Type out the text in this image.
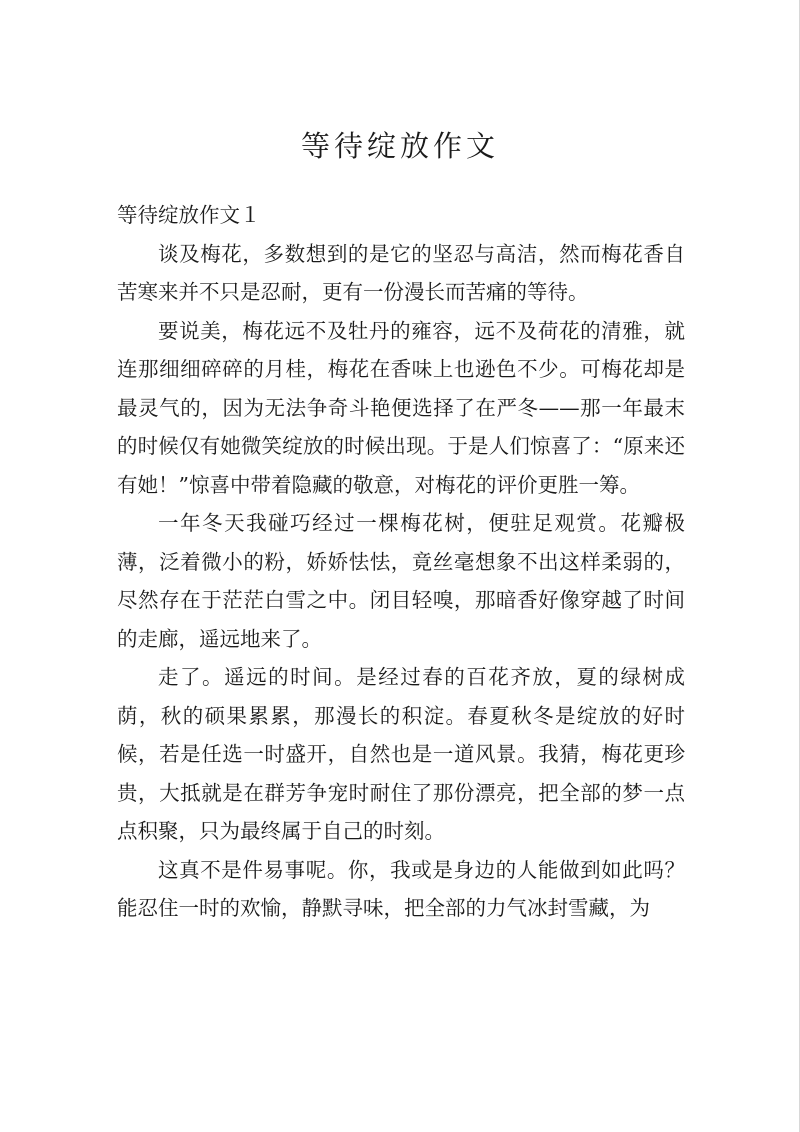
等待绽放作文

等待绽放作文１

谈及梅花，多数想到的是它的坚忍与高洁，然而梅花香自苦寒来并不只是忍耐，更有一份漫长而苦痛的等待。

要说美，梅花远不及牡丹的雍容，远不及荷花的清雅，就连那细细碎碎的月桂，梅花在香味上也逊色不少。可梅花却是最灵气的，因为无法争奇斗艳便选择了在严冬——那一年最末的时候仅有她微笑绽放的时候出现。于是人们惊喜了：“原来还有她！”惊喜中带着隐藏的敬意，对梅花的评价更胜一筹。

一年冬天我碰巧经过一棵梅花树，便驻足观赏。花瓣极薄，泛着微小的粉，娇娇怯怯，竟丝毫想象不出这样柔弱的，尽然存在于茫茫白雪之中。闭目轻嗅，那暗香好像穿越了时间的走廊，遥远地来了。

走了。遥远的时间。是经过春的百花齐放，夏的绿树成荫，秋的硕果累累，那漫长的积淀。春夏秋冬是绽放的好时候，若是任选一时盛开，自然也是一道风景。我猜，梅花更珍贵，大抵就是在群芳争宠时耐住了那份漂亮，把全部的梦一点点积聚，只为最终属于自己的时刻。

这真不是件易事呢。你，我或是身边的人能做到如此吗？能忍住一时的欢愉，静默寻味，把全部的力气冰封雪藏，为
